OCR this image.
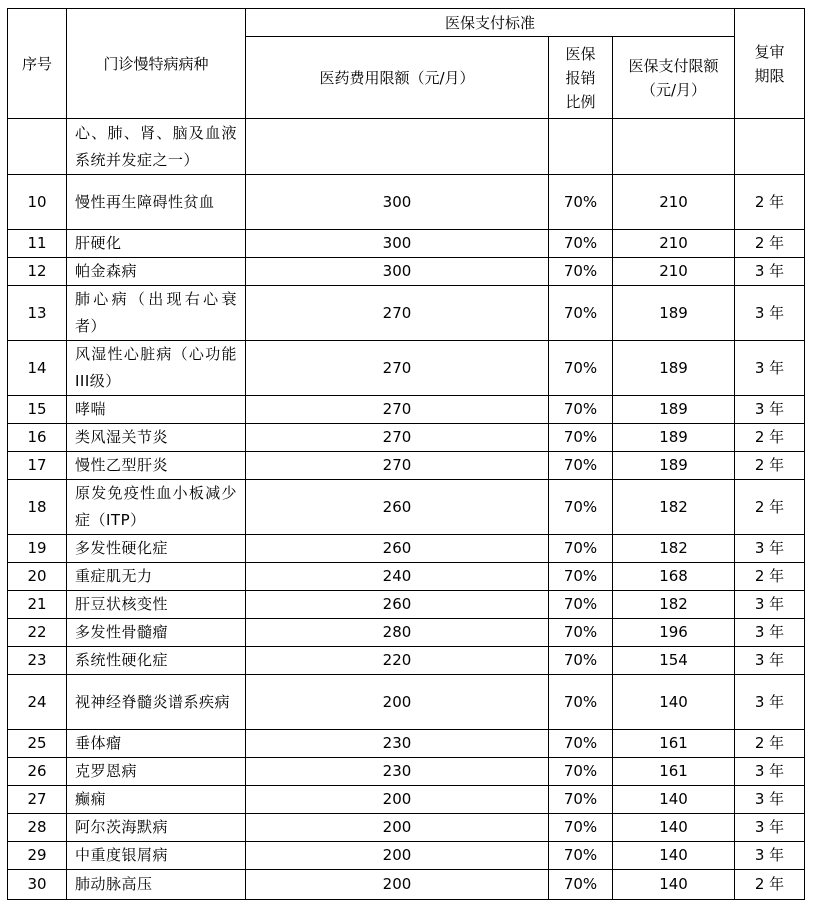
序号	门诊慢特病病种	医保支付标准			复审期限
		医药费用限额（元/月）	医保报销比例	医保支付限额（元/月）	
	心、肺、肾、脑及血液系统并发症之一）				
10	慢性再生障碍性贫血	300	70%	210	2 年
11	肝硬化	300	70%	210	2 年
12	帕金森病	300	70%	210	3 年
13	肺心病（出现右心衰者）	270	70%	189	3 年
14	风湿性心脏病（心功能III级）	270	70%	189	3 年
15	哮喘	270	70%	189	3 年
16	类风湿关节炎	270	70%	189	2 年
17	慢性乙型肝炎	270	70%	189	2 年
18	原发免疫性血小板减少症（ITP）	260	70%	182	2 年
19	多发性硬化症	260	70%	182	3 年
20	重症肌无力	240	70%	168	2 年
21	肝豆状核变性	260	70%	182	3 年
22	多发性骨髓瘤	280	70%	196	3 年
23	系统性硬化症	220	70%	154	3 年
24	视神经脊髓炎谱系疾病	200	70%	140	3 年
25	垂体瘤	230	70%	161	2 年
26	克罗恩病	230	70%	161	3 年
27	癫痫	200	70%	140	3 年
28	阿尔茨海默病	200	70%	140	3 年
29	中重度银屑病	200	70%	140	3 年
30	肺动脉高压	200	70%	140	2 年
